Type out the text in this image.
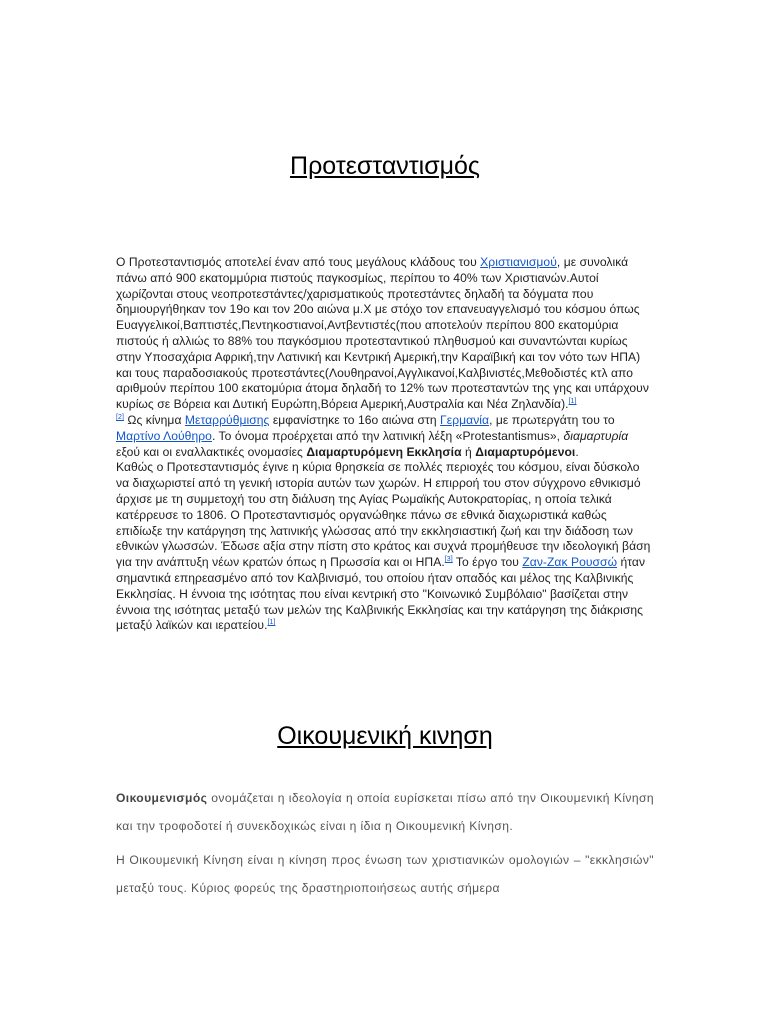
Προτεσταντισμός

Ο Προτεσταντισμός αποτελεί έναν από τους μεγάλους κλάδους του Χριστιανισμού, με συνολικά πάνω από 900 εκατομμύρια πιστούς παγκοσμίως, περίπου το 40% των Χριστιανών.Αυτοί χωρίζονται στους νεοπροτεστάντες/χαρισματικούς προτεστάντες δηλαδή τα δόγματα που δημιουργήθηκαν τον 19ο και τον 20ο αιώνα μ.Χ με στόχο τον επανευαγγελισμό του κόσμου όπως Ευαγγελικοί,Βαπτιστές,Πεντηκοστιανοί,Αντβεντιστές(που αποτελούν περίπου 800 εκατομύρια πιστούς ή αλλιώς το 88% του παγκόσμιου προτεσταντικού πληθυσμού και συναντώνται κυρίως στην Υποσαχάρια Αφρική,την Λατινική και Κεντρική Αμερική,την Καραϊβική και τον νότο των ΗΠΑ) και τους παραδοσιακούς προτεστάντες(Λουθηρανοί,Αγγλικανοί,Καλβινιστές,Μεθοδιστές κτλ απο αριθμούν περίπου 100 εκατομύρια άτομα δηλαδή το 12% των προτεσταντών της γης και υπάρχουν κυρίως σε Βόρεια και Δυτική Ευρώπη,Βόρεια Αμερική,Αυστραλία και Νέα Ζηλανδία).[1]
[2] Ως κίνημα Μεταρρύθμισης εμφανίστηκε το 16ο αιώνα στη Γερμανία, με πρωτεργάτη του το Μαρτίνο Λούθηρο. Το όνομα προέρχεται από την λατινική λέξη «Protestantismus», διαμαρτυρία εξού και οι εναλλακτικές ονομασίες Διαμαρτυρόμενη Εκκλησία ή Διαμαρτυρόμενοι.

Καθώς ο Προτεσταντισμός έγινε η κύρια θρησκεία σε πολλές περιοχές του κόσμου, είναι δύσκολο να διαχωριστεί από τη γενική ιστορία αυτών των χωρών. Η επιρροή του στον σύγχρονο εθνικισμό άρχισε με τη συμμετοχή του στη διάλυση της Αγίας Ρωμαϊκής Αυτοκρατορίας, η οποία τελικά κατέρρευσε το 1806. Ο Προτεσταντισμός οργανώθηκε πάνω σε εθνικά διαχωριστικά καθώς επιδίωξε την κατάργηση της λατινικής γλώσσας από την εκκλησιαστική ζωή και την διάδοση των εθνικών γλωσσών. Έδωσε αξία στην πίστη στο κράτος και συχνά προμήθευσε την ιδεολογική βάση για την ανάπτυξη νέων κρατών όπως η Πρωσσία και οι ΗΠΑ.[3] Το έργο του Ζαν-Ζακ Ρουσσώ ήταν σημαντικά επηρεασμένο από τον Καλβινισμό, του οποίου ήταν οπαδός και μέλος της Καλβινικής Εκκλησίας. Η έννοια της ισότητας που είναι κεντρική στο "Κοινωνικό Συμβόλαιο" βασίζεται στην έννοια της ισότητας μεταξύ των μελών της Καλβινικής Εκκλησίας και την κατάργηση της διάκρισης μεταξύ λαϊκών και ιερατείου.[1]

Οικουμενική κινηση

Οικουμενισμός ονομάζεται η ιδεολογία η οποία ευρίσκεται πίσω από την Οικουμενική Κίνηση και την τροφοδοτεί ή συνεκδοχικώς είναι η ίδια η Οικουμενική Κίνηση.

Η Οικουμενική Κίνηση είναι η κίνηση προς ένωση των χριστιανικών ομολογιών – "εκκλησιών" μεταξύ τους. Κύριος φορεύς της δραστηριοποιήσεως αυτής σήμερα
